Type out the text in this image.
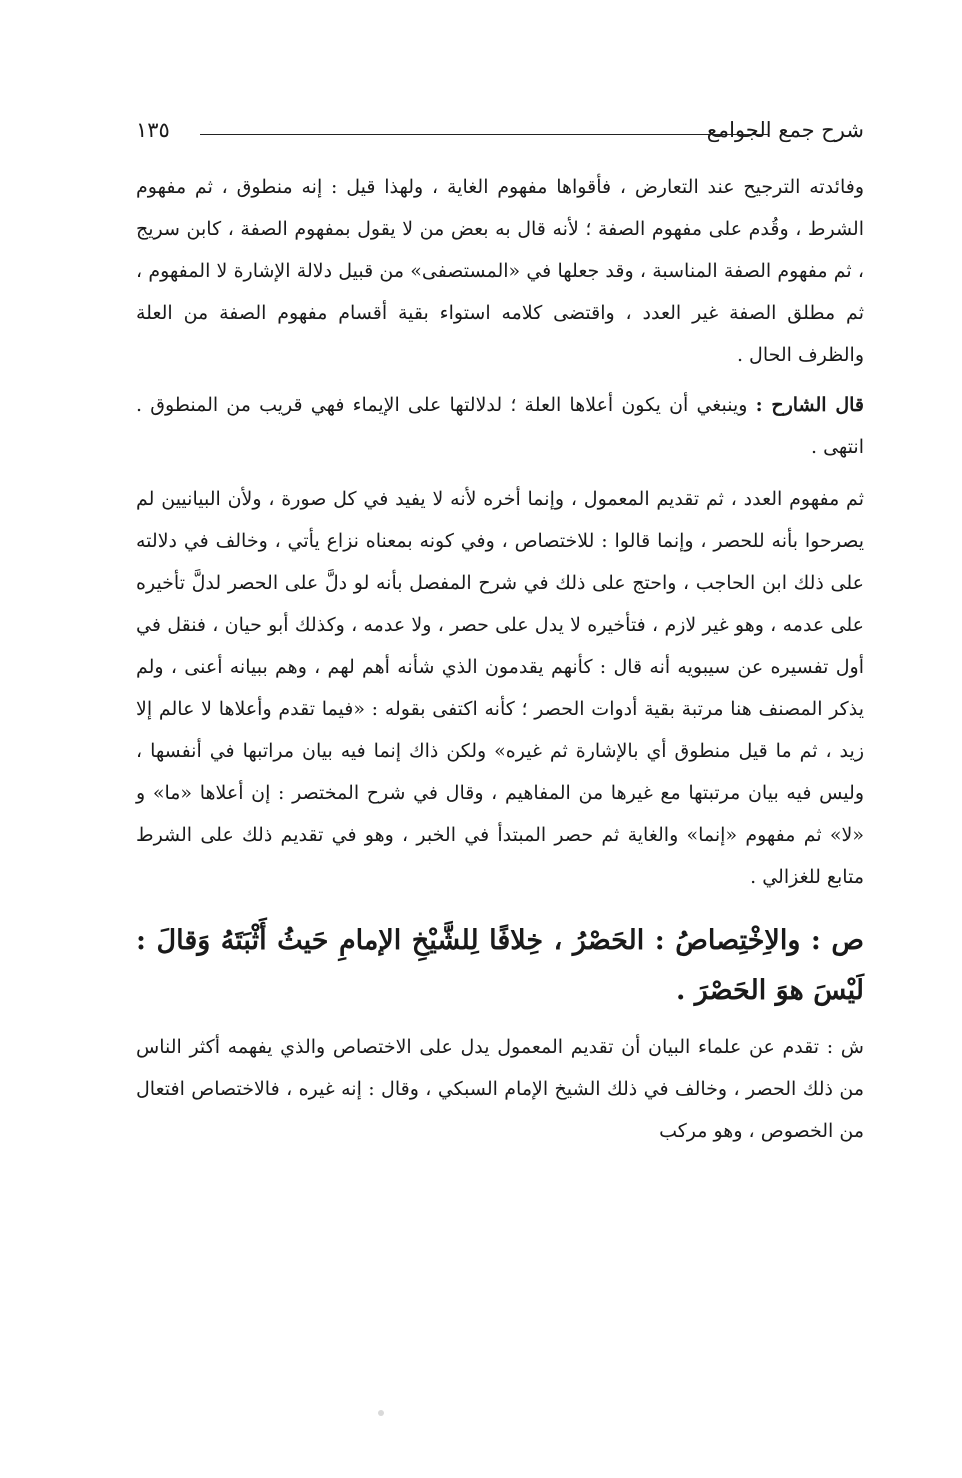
شرح جمع الجوامع
١٣٥

وفائدته الترجيح عند التعارض ، فأقواها مفهوم الغاية ، ولهذا قيل : إنه منطوق ، ثم مفهوم الشرط ، وقُدم على مفهوم الصفة ؛ لأنه قال به بعض من لا يقول بمفهوم الصفة ، كابن سريج ، ثم مفهوم الصفة المناسبة ، وقد جعلها في «المستصفى» من قبيل دلالة الإشارة لا المفهوم ، ثم مطلق الصفة غير العدد ، واقتضى كلامه استواء بقية أقسام مفهوم الصفة من العلة والظرف الحال .

قال الشارح : وينبغي أن يكون أعلاها العلة ؛ لدلالتها على الإيماء فهي قريب من المنطوق . انتهى .

ثم مفهوم العدد ، ثم تقديم المعمول ، وإنما أخره لأنه لا يفيد في كل صورة ، ولأن البيانيين لم يصرحوا بأنه للحصر ، وإنما قالوا : للاختصاص ، وفي كونه بمعناه نزاع يأتي ، وخالف في دلالته على ذلك ابن الحاجب ، واحتج على ذلك في شرح المفصل بأنه لو دلَّ على الحصر لدلَّ تأخيره على عدمه ، وهو غير لازم ، فتأخيره لا يدل على حصر ، ولا عدمه ، وكذلك أبو حيان ، فنقل في أول تفسيره عن سيبويه أنه قال : كأنهم يقدمون الذي شأنه أهم لهم ، وهم ببيانه أعنى ، ولم يذكر المصنف هنا مرتبة بقية أدوات الحصر ؛ كأنه اكتفى بقوله : «فيما تقدم وأعلاها لا عالم إلا زيد ، ثم ما قيل منطوق أي بالإشارة ثم غيره» ولكن ذاك إنما فيه بيان مراتبها في أنفسها ، وليس فيه بيان مرتبتها مع غيرها من المفاهيم ، وقال في شرح المختصر : إن أعلاها «ما» و «لا» ثم مفهوم «إنما» والغاية ثم حصر المبتدأ في الخبر ، وهو في تقديم ذلك على الشرط متابع للغزالي .

ص : والاِخْتِصاصُ : الحَصْرُ ، خِلافًا لِلشَّيْخِ الإمامِ حَيثُ أَثْبَتَهُ وَقالَ : لَيْسَ هوَ الحَصْرَ .

ش : تقدم عن علماء البيان أن تقديم المعمول يدل على الاختصاص والذي يفهمه أكثر الناس من ذلك الحصر ، وخالف في ذلك الشيخ الإمام السبكي ، وقال : إنه غيره ، فالاختصاص افتعال من الخصوص ، وهو مركب
